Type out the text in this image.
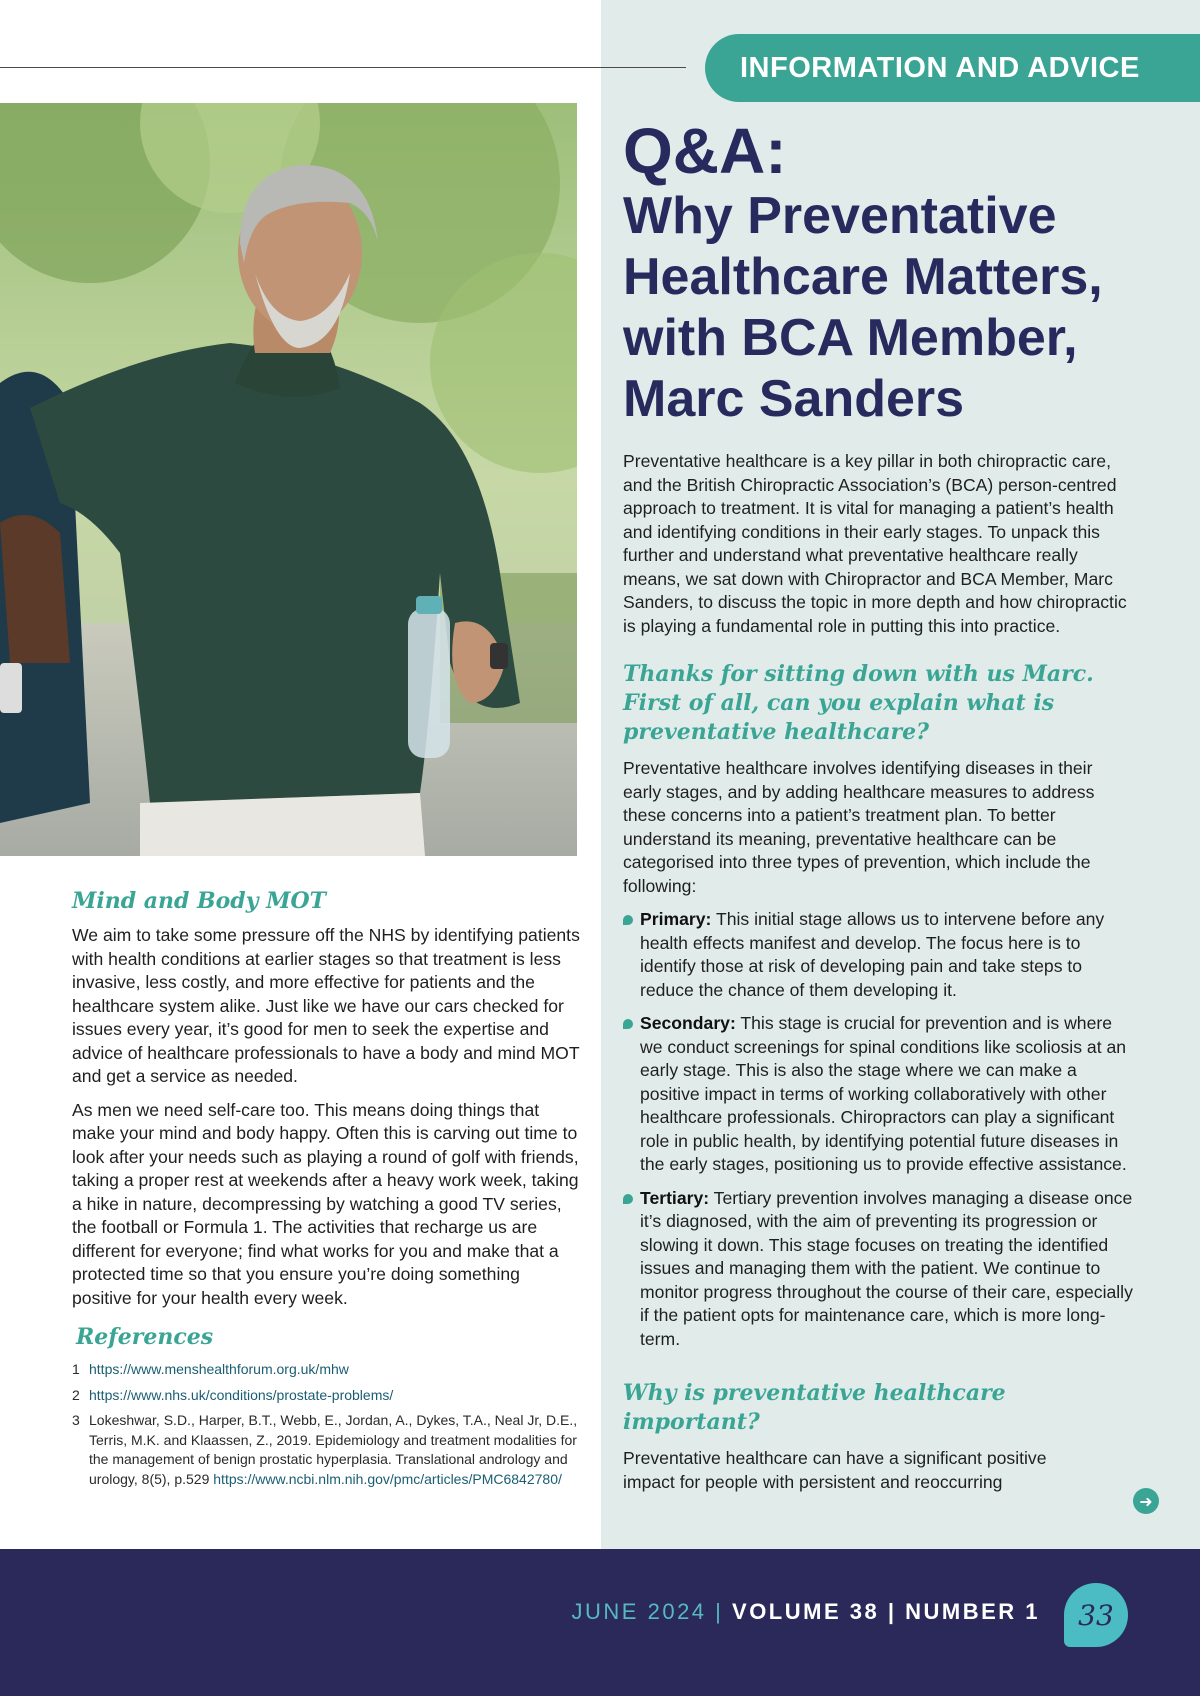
INFORMATION AND ADVICE
Q&A:
Why Preventative Healthcare Matters, with BCA Member, Marc Sanders

Preventative healthcare is a key pillar in both chiropractic care, and the British Chiropractic Association’s (BCA) person-centred approach to treatment. It is vital for managing a patient’s health and identifying conditions in their early stages. To unpack this further and understand what preventative healthcare really means, we sat down with Chiropractor and BCA Member, Marc Sanders, to discuss the topic in more depth and how chiropractic is playing a fundamental role in putting this into practice.

Thanks for sitting down with us Marc. First of all, can you explain what is preventative healthcare?

Preventative healthcare involves identifying diseases in their early stages, and by adding healthcare measures to address these concerns into a patient’s treatment plan. To better understand its meaning, preventative healthcare can be categorised into three types of prevention, which include the following:

Primary: This initial stage allows us to intervene before any health effects manifest and develop. The focus here is to identify those at risk of developing pain and take steps to reduce the chance of them developing it.
Secondary: This stage is crucial for prevention and is where we conduct screenings for spinal conditions like scoliosis at an early stage. This is also the stage where we can make a positive impact in terms of working collaboratively with other healthcare professionals. Chiropractors can play a significant role in public health, by identifying potential future diseases in the early stages, positioning us to provide effective assistance.
Tertiary: Tertiary prevention involves managing a disease once it’s diagnosed, with the aim of preventing its progression or slowing it down. This stage focuses on treating the identified issues and managing them with the patient. We continue to monitor progress throughout the course of their care, especially if the patient opts for maintenance care, which is more long-term.
Why is preventative healthcare important?

Preventative healthcare can have a significant positive impact for people with persistent and reoccurring

➜
Mind and Body MOT

We aim to take some pressure off the NHS by identifying patients with health conditions at earlier stages so that treatment is less invasive, less costly, and more effective for patients and the healthcare system alike. Just like we have our cars checked for issues every year, it’s good for men to seek the expertise and advice of healthcare professionals to have a body and mind MOT and get a service as needed.

As men we need self-care too. This means doing things that make your mind and body happy. Often this is carving out time to look after your needs such as playing a round of golf with friends, taking a proper rest at weekends after a heavy work week, taking a hike in nature, decompressing by watching a good TV series, the football or Formula 1. The activities that recharge us are different for everyone; find what works for you and make that a protected time so that you ensure you’re doing something positive for your health every week.

References
1 https://www.menshealthforum.org.uk/mhw
2 https://www.nhs.uk/conditions/prostate-problems/
3 Lokeshwar, S.D., Harper, B.T., Webb, E., Jordan, A., Dykes, T.A., Neal Jr, D.E., Terris, M.K. and Klaassen, Z., 2019. Epidemiology and treatment modalities for the management of benign prostatic hyperplasia. Translational andrology and urology, 8(5), p.529 https://www.ncbi.nlm.nih.gov/pmc/articles/PMC6842780/
JUNE 2024 | VOLUME 38 | NUMBER 1 33
